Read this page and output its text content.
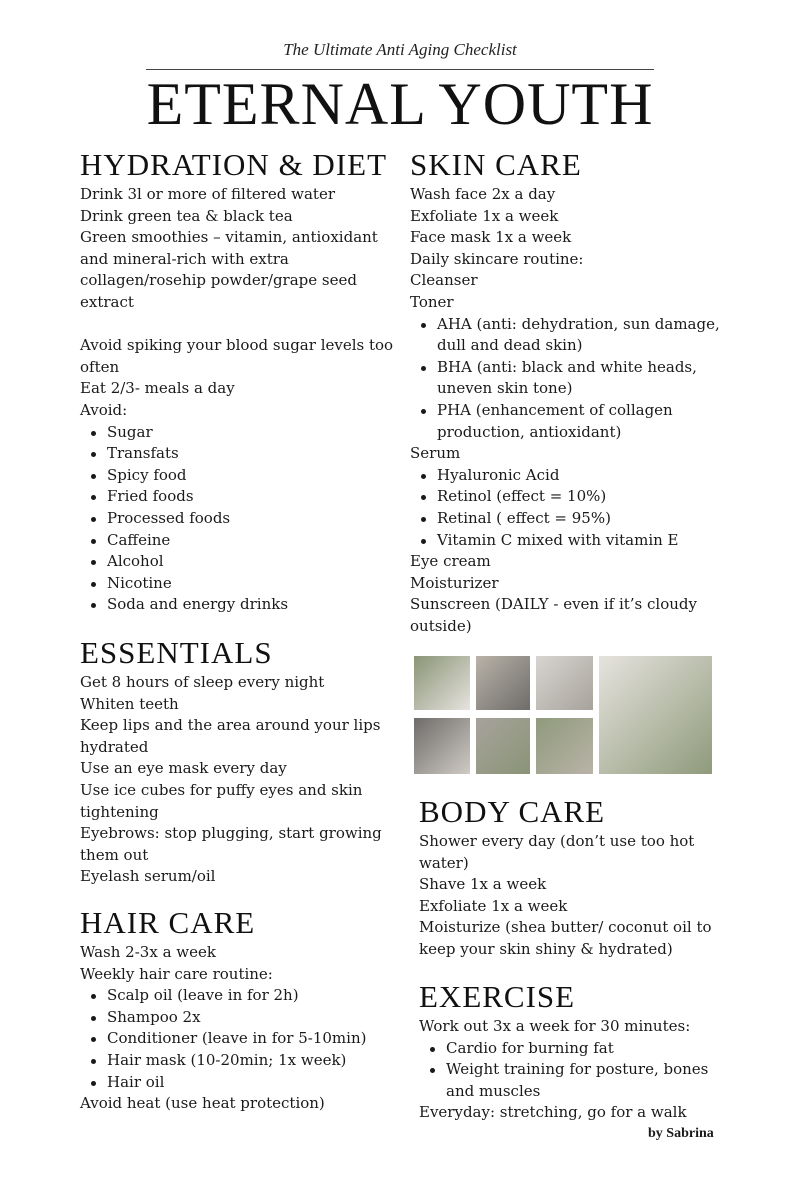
The Ultimate Anti Aging Checklist
ETERNAL YOUTH
HYDRATION & DIET

Drink 3l or more of filtered water

Drink green tea & black tea

Green smoothies – vitamin, antioxidant

and mineral-rich with extra

collagen/rosehip powder/grape seed

extract

Avoid spiking your blood sugar levels too

often

Eat 2/3- meals a day

Avoid:

Sugar
Transfats
Spicy food
Fried foods
Processed foods
Caffeine
Alcohol
Nicotine
Soda and energy drinks
ESSENTIALS

Get 8 hours of sleep every night

Whiten teeth

Keep lips and the area around your lips

hydrated

Use an eye mask every day

Use ice cubes for puffy eyes and skin

tightening

Eyebrows: stop plugging, start growing

them out

Eyelash serum/oil

HAIR CARE

Wash 2-3x a week

Weekly hair care routine:

Scalp oil (leave in for 2h)
Shampoo 2x
Conditioner (leave in for 5-10min)
Hair mask (10-20min; 1x week)
Hair oil

Avoid heat (use heat protection)

SKIN CARE

Wash face 2x a day

Exfoliate 1x a week

Face mask 1x a week

Daily skincare routine:

Cleanser

Toner

AHA (anti: dehydration, sun damage,
dull and dead skin)
BHA (anti: black and white heads,
uneven skin tone)
PHA (enhancement of collagen
production, antioxidant)

Serum

Hyaluronic Acid
Retinol (effect = 10%)
Retinal ( effect = 95%)
Vitamin C mixed with vitamin E

Eye cream

Moisturizer

Sunscreen (DAILY - even if it’s cloudy

outside)

BODY CARE

Shower every day (don’t use too hot

water)

Shave 1x a week

Exfoliate 1x a week

Moisturize (shea butter/ coconut oil to

keep your skin shiny & hydrated)

EXERCISE

Work out 3x a week for 30 minutes:

Cardio for burning fat
Weight training for posture, bones
and muscles

Everyday: stretching, go for a walk

by Sabrina
